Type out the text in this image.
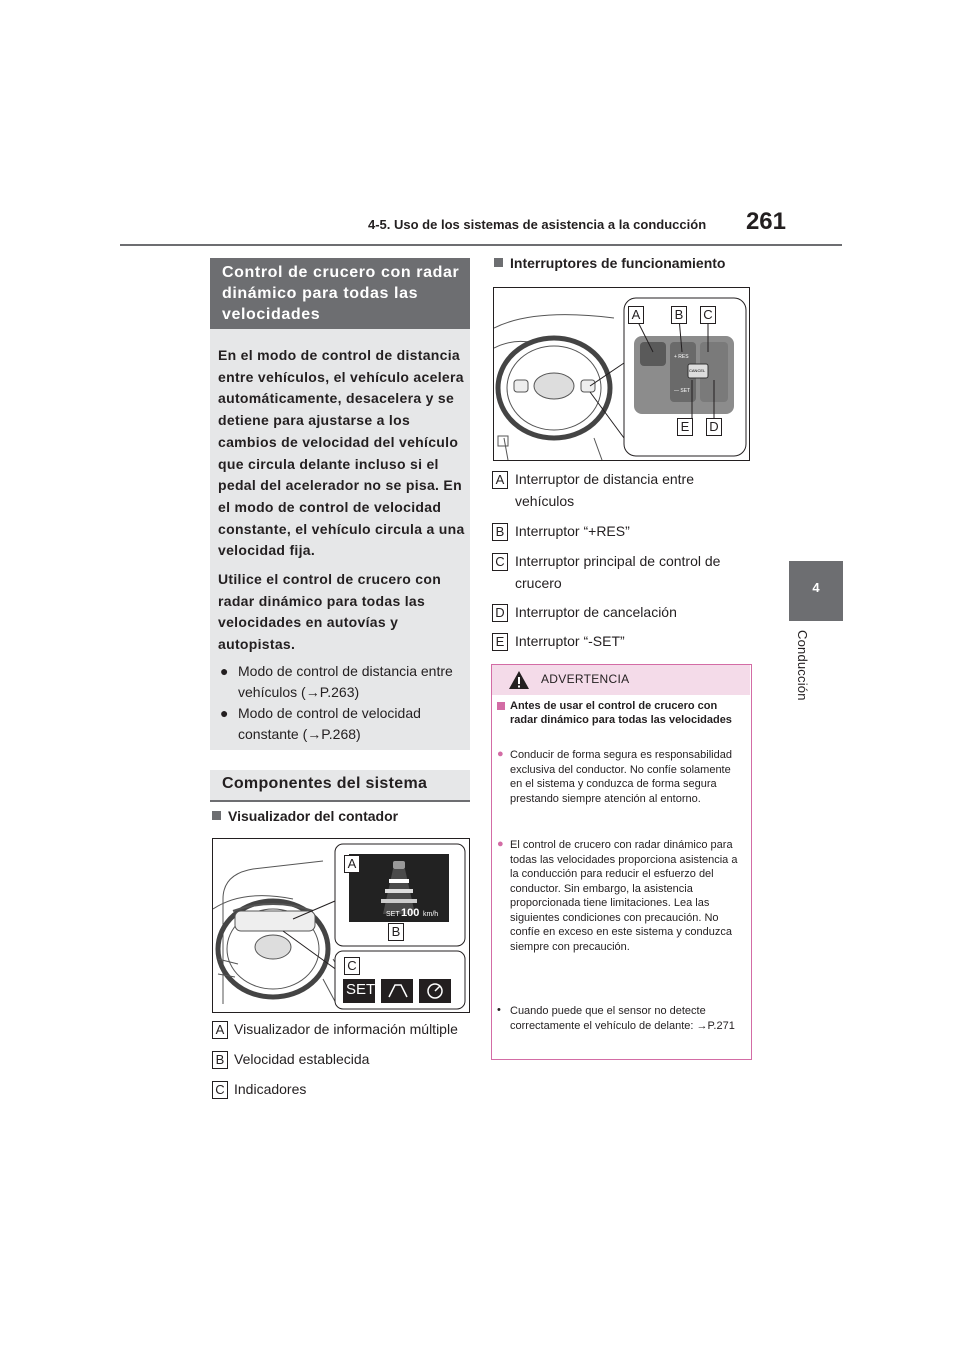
4-5. Uso de los sistemas de asistencia a la conducción	261
4
Conducción
Control de crucero con radar dinámico para todas las velocidades
En el modo de control de distancia entre vehículos, el vehículo acelera automáticamente, desacelera y se detiene para ajustarse a los cambios de velocidad del vehículo que circula delante incluso si el pedal del acelerador no se pisa. En el modo de control de velocidad constante, el vehículo circula a una velocidad fija.
Utilice el control de crucero con radar dinámico para todas las velocidades en autovías y autopistas.
● Modo de control de distancia entre vehículos (→P.263)
● Modo de control de velocidad constante (→P.268)
Componentes del sistema
Visualizador del contador
SET 100 km/h
SET
A
B
C
A Visualizador de información múltiple
B Velocidad establecida
C Indicadores
Interruptores de funcionamiento
+ RES
— SET
CANCEL
A	B C
E D
A Interruptor de distancia entre vehículos
B Interruptor “+RES”
C Interruptor principal de control de crucero
D Interruptor de cancelación
E Interruptor “-SET”
ADVERTENCIA
Antes de usar el control de crucero con radar dinámico para todas las velocidades
● Conducir de forma segura es responsabilidad exclusiva del conductor. No confíe solamente en el sistema y conduzca de forma segura prestando siempre atención al entorno.
● El control de crucero con radar dinámico para todas las velocidades proporciona asistencia a la conducción para reducir el esfuerzo del conductor. Sin embargo, la asistencia proporcionada tiene limitaciones. Lea las siguientes condiciones con precaución. No confíe en exceso en este sistema y conduzca siempre con precaución.
• Cuando puede que el sensor no detecte correctamente el vehículo de delante: →P.271
